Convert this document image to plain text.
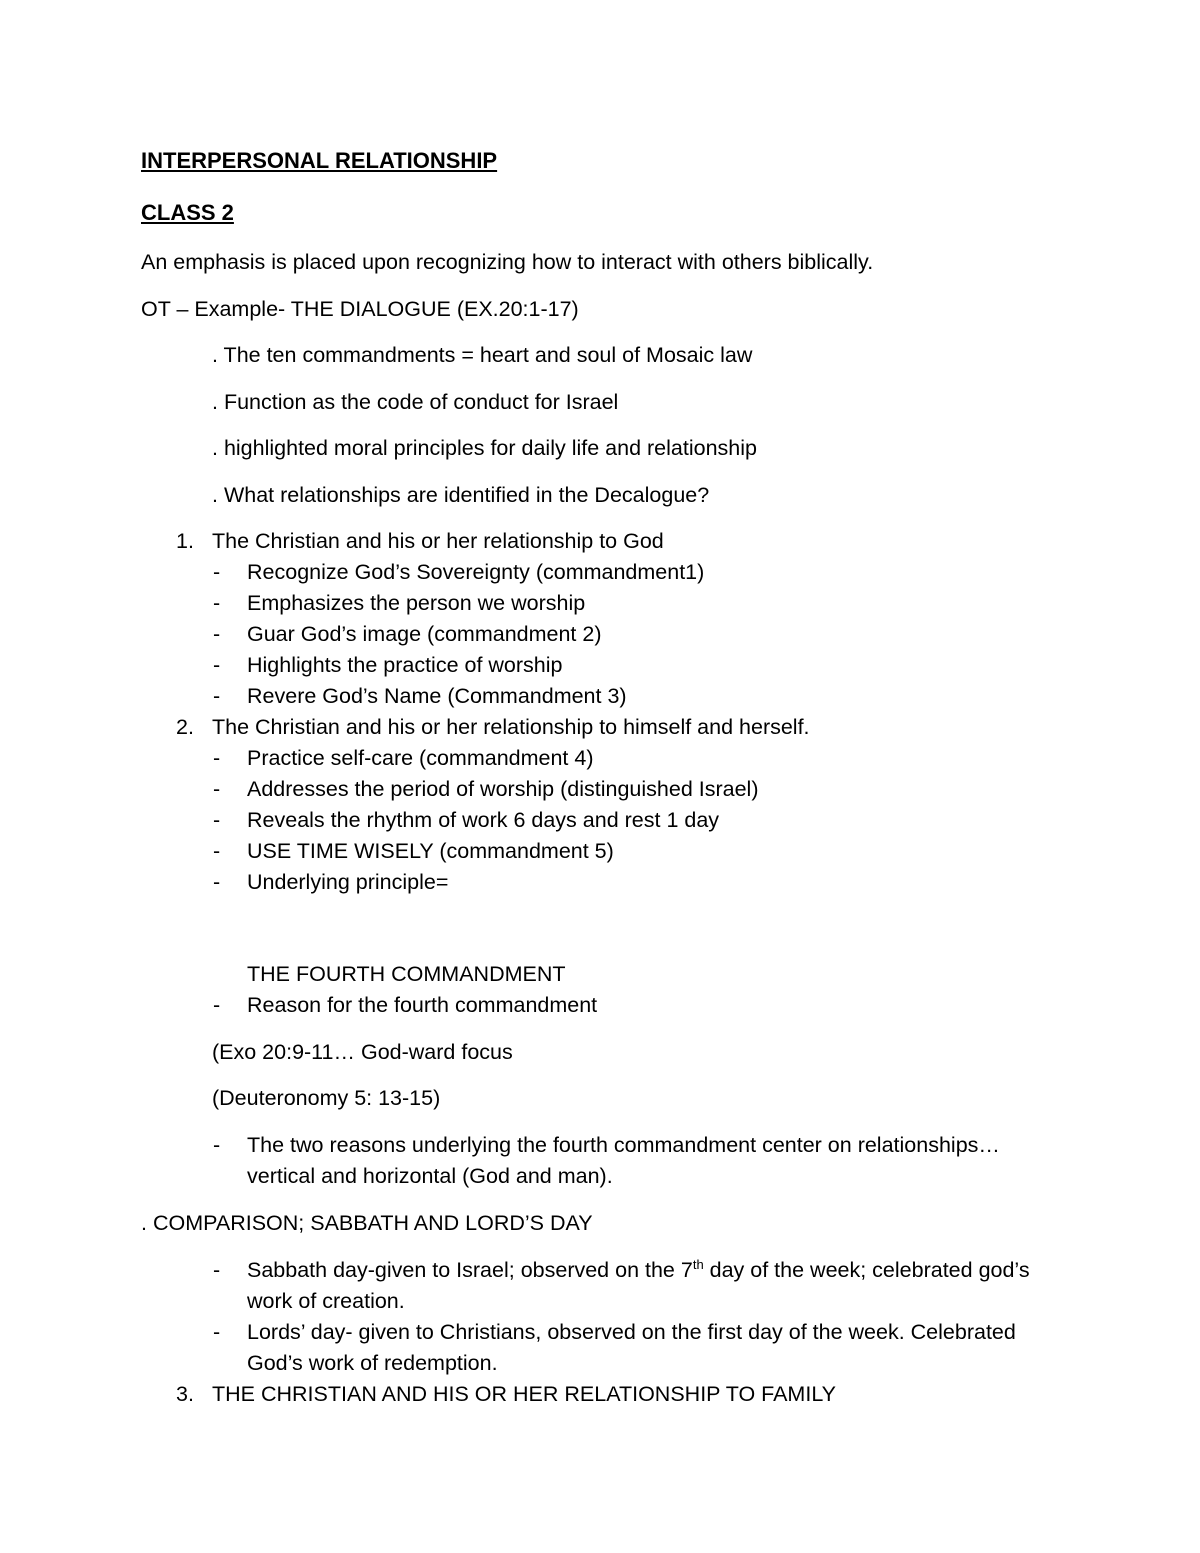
INTERPERSONAL RELATIONSHIP
CLASS 2
An emphasis is placed upon recognizing how to interact with others biblically.
OT – Example- THE DIALOGUE (EX.20:1-17)
. The ten commandments = heart and soul of Mosaic law
. Function as the code of conduct for Israel
. highlighted moral principles for daily life and relationship
. What relationships are identified in the Decalogue?
1. The Christian and his or her relationship to God
- Recognize God’s Sovereignty (commandment1)
- Emphasizes the person we worship
- Guar God’s image (commandment 2)
- Highlights the practice of worship
- Revere God’s Name (Commandment 3)
2. The Christian and his or her relationship to himself and herself.
- Practice self-care (commandment 4)
- Addresses the period of worship (distinguished Israel)
- Reveals the rhythm of work 6 days and rest 1 day
- USE TIME WISELY (commandment 5)
- Underlying principle=
THE FOURTH COMMANDMENT
- Reason for the fourth commandment
(Exo 20:9-11… God-ward focus
(Deuteronomy 5: 13-15)
- The two reasons underlying the fourth commandment center on relationships…
vertical and horizontal (God and man).
. COMPARISON; SABBATH AND LORD’S DAY
- Sabbath day-given to Israel; observed on the 7th day of the week; celebrated god’s
work of creation.
- Lords’ day- given to Christians, observed on the first day of the week. Celebrated
God’s work of redemption.
3. THE CHRISTIAN AND HIS OR HER RELATIONSHIP TO FAMILY
